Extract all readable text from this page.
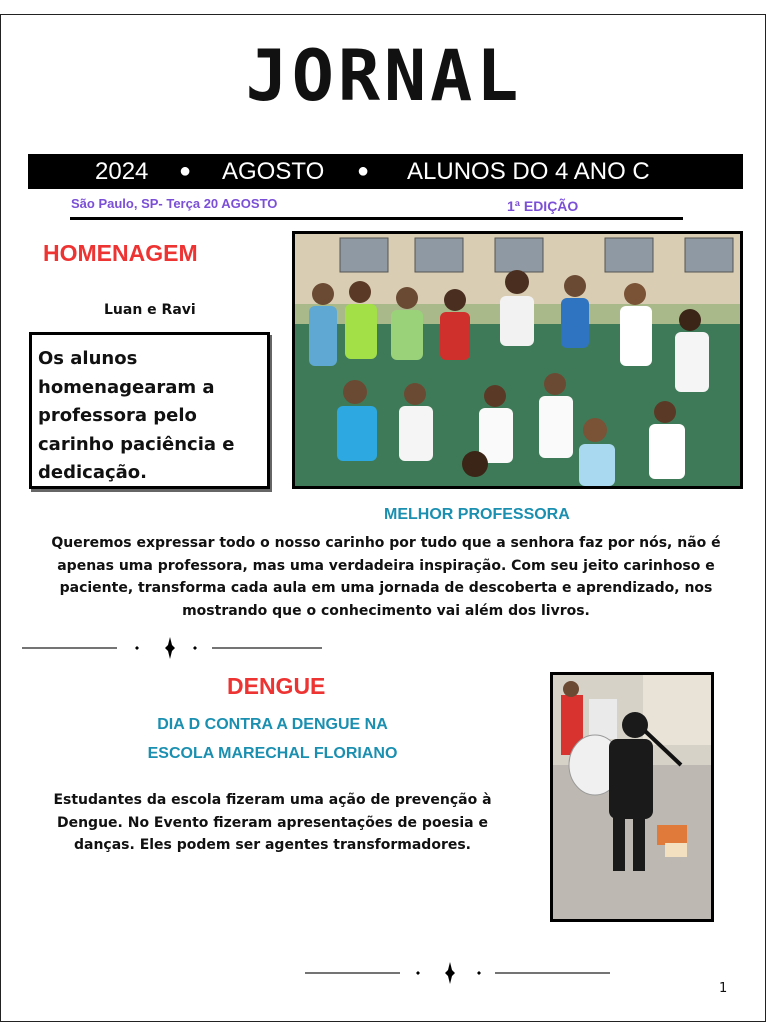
JORNAL
2024 ● AGOSTO ● ALUNOS DO 4 ANO C
São Paulo, SP- Terça 20 AGOSTO	1ª EDIÇÃO
HOMENAGEM
Luan e Ravi
Os alunos homenagearam a professora pelo carinho paciência e dedicação.
MELHOR PROFESSORA
Queremos expressar todo o nosso carinho por tudo que a senhora faz por nós, não é apenas uma professora, mas uma verdadeira inspiração. Com seu jeito carinhoso e paciente, transforma cada aula em uma jornada de descoberta e aprendizado, nos mostrando que o conhecimento vai além dos livros.
DENGUE
DIA D CONTRA A DENGUE NA
ESCOLA MARECHAL FLORIANO
Estudantes da escola fizeram uma ação de prevenção à Dengue. No Evento fizeram apresentações de poesia e danças. Eles podem ser agentes transformadores.
1
